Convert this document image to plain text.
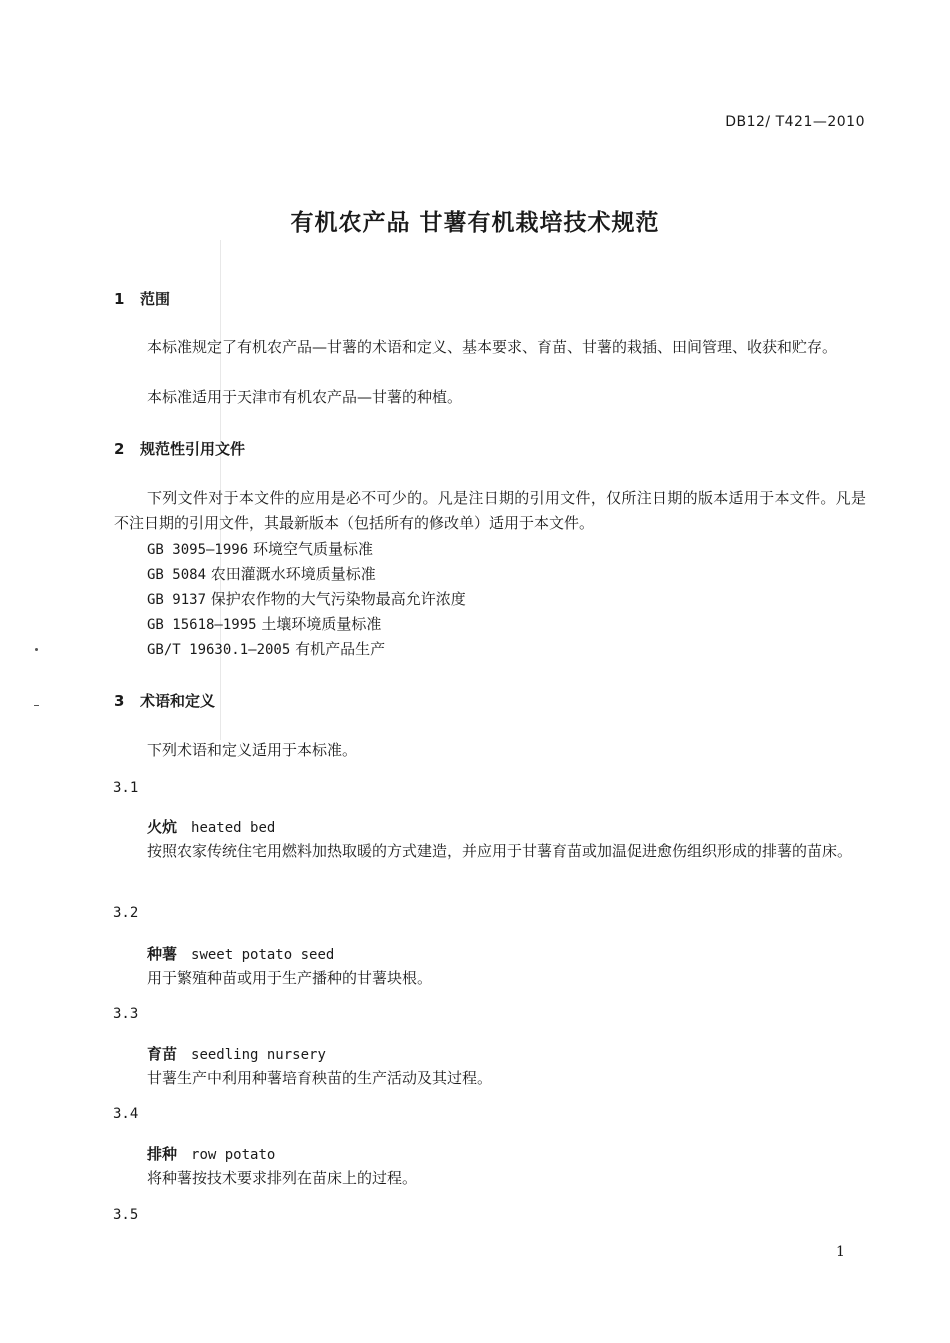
DB12/ T421—2010
有机农产品 甘薯有机栽培技术规范
1 范围
本标准规定了有机农产品—甘薯的术语和定义、基本要求、育苗、甘薯的栽插、田间管理、收获和贮存。
本标准适用于天津市有机农产品—甘薯的种植。
2 规范性引用文件
下列文件对于本文件的应用是必不可少的。凡是注日期的引用文件，仅所注日期的版本适用于本文件。凡是不注日期的引用文件，其最新版本（包括所有的修改单）适用于本文件。
GB 3095—1996 环境空气质量标准
GB 5084 农田灌溉水环境质量标准
GB 9137 保护农作物的大气污染物最高允许浓度
GB 15618—1995 土壤环境质量标准
GB/T 19630.1—2005 有机产品生产
3 术语和定义
下列术语和定义适用于本标准。
3.1
火炕 heated bed
按照农家传统住宅用燃料加热取暖的方式建造，并应用于甘薯育苗或加温促进愈伤组织形成的排薯的苗床。
3.2
种薯 sweet potato seed
用于繁殖种苗或用于生产播种的甘薯块根。
3.3
育苗 seedling nursery
甘薯生产中利用种薯培育秧苗的生产活动及其过程。
3.4
排种 row potato
将种薯按技术要求排列在苗床上的过程。
3.5
1
